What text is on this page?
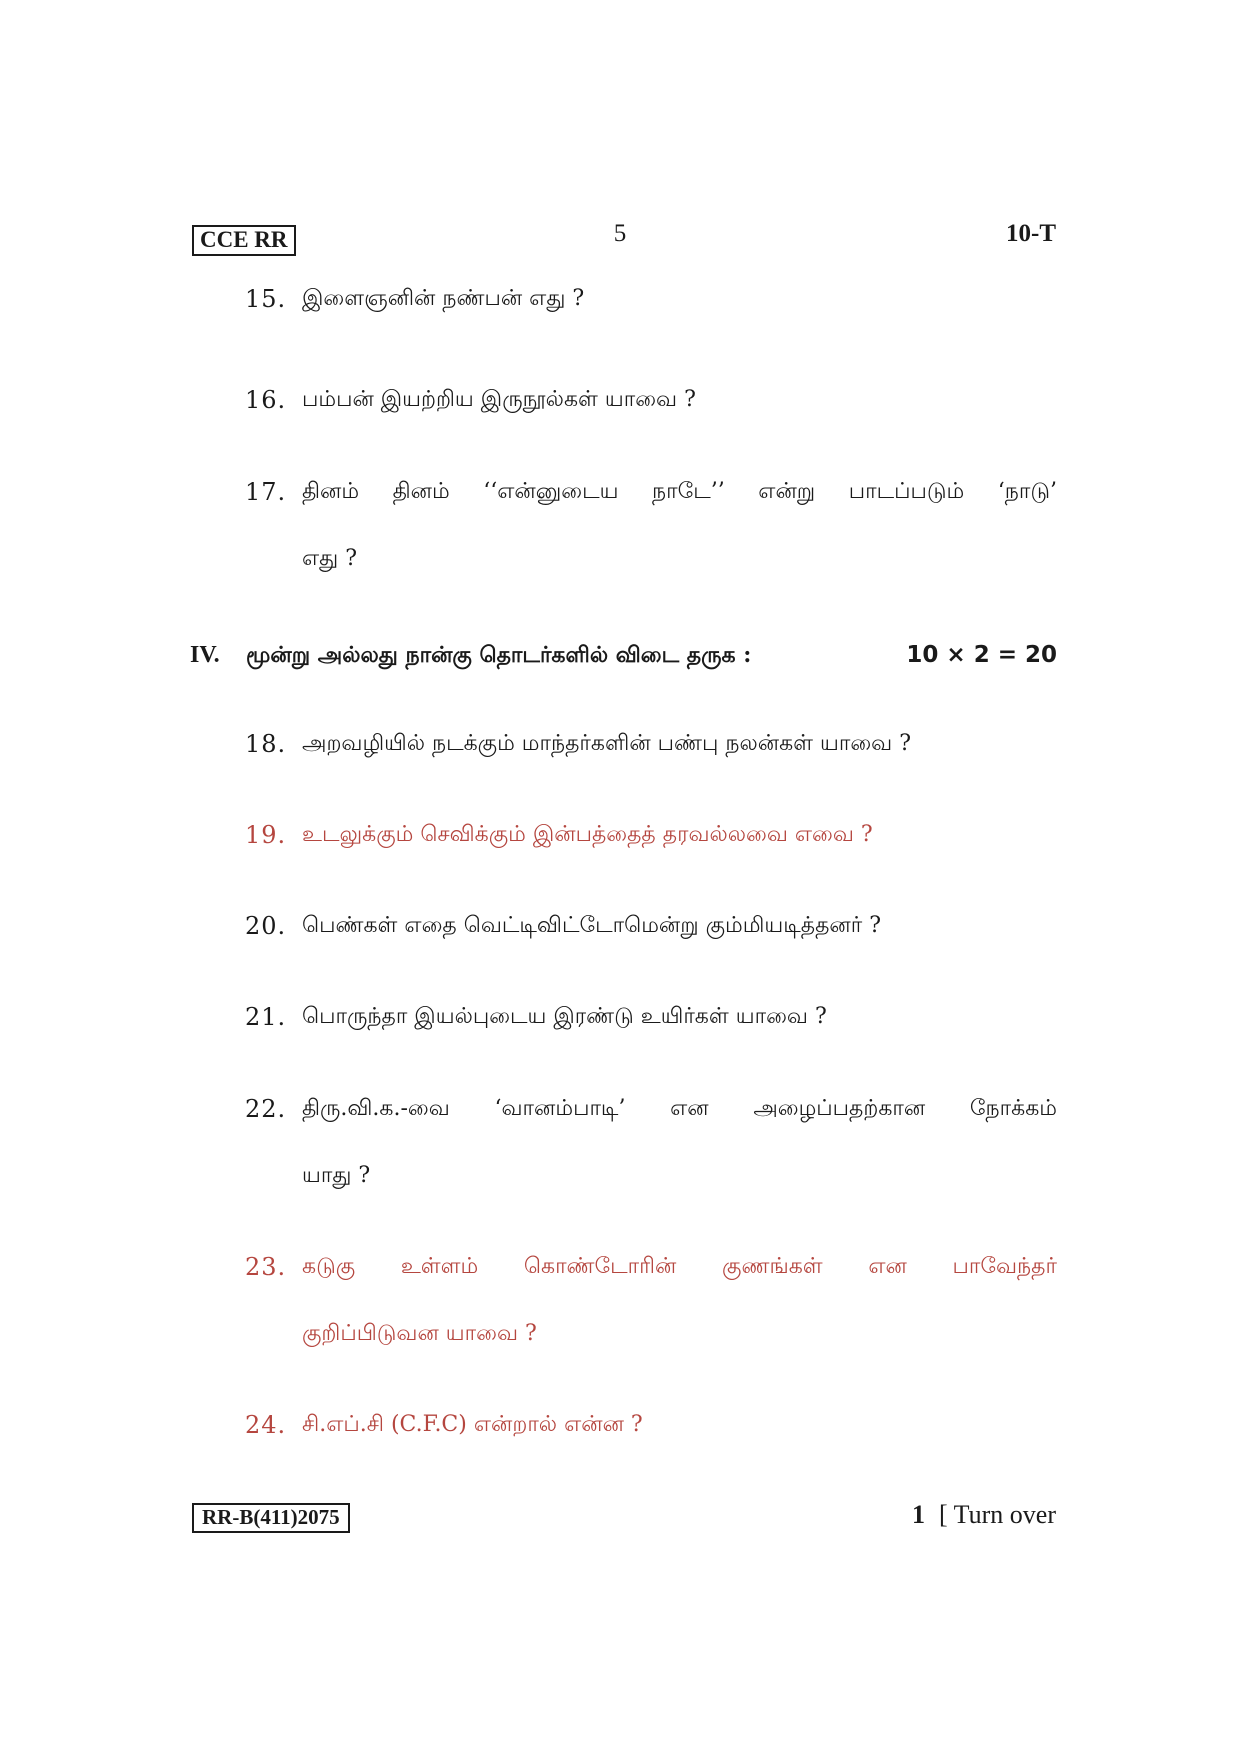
CCE RR	5	10-T
15. இளைஞனின் நண்பன் எது ?
16. பம்பன் இயற்றிய இருநூல்கள் யாவை ?
17. தினம் தினம் ‘‘என்னுடைய நாடே’’ என்று பாடப்படும் ‘நாடு’
எது ?
IV. மூன்று அல்லது நான்கு தொடர்களில் விடை தருக :	10 × 2 = 20
18. அறவழியில் நடக்கும் மாந்தர்களின் பண்பு நலன்கள் யாவை ?
19. உடலுக்கும் செவிக்கும் இன்பத்தைத் தரவல்லவை எவை ?
20. பெண்கள் எதை வெட்டிவிட்டோமென்று கும்மியடித்தனர் ?
21. பொருந்தா இயல்புடைய இரண்டு உயிர்கள் யாவை ?
22. திரு.வி.க.-வை ‘வானம்பாடி’ என அழைப்பதற்கான நோக்கம்
யாது ?
23. கடுகு உள்ளம் கொண்டோரின் குணங்கள் என பாவேந்தர்
குறிப்பிடுவன யாவை ?
24. சி.எப்.சி (C.F.C) என்றால் என்ன ?
RR-B(411)2075	1 [ Turn over
